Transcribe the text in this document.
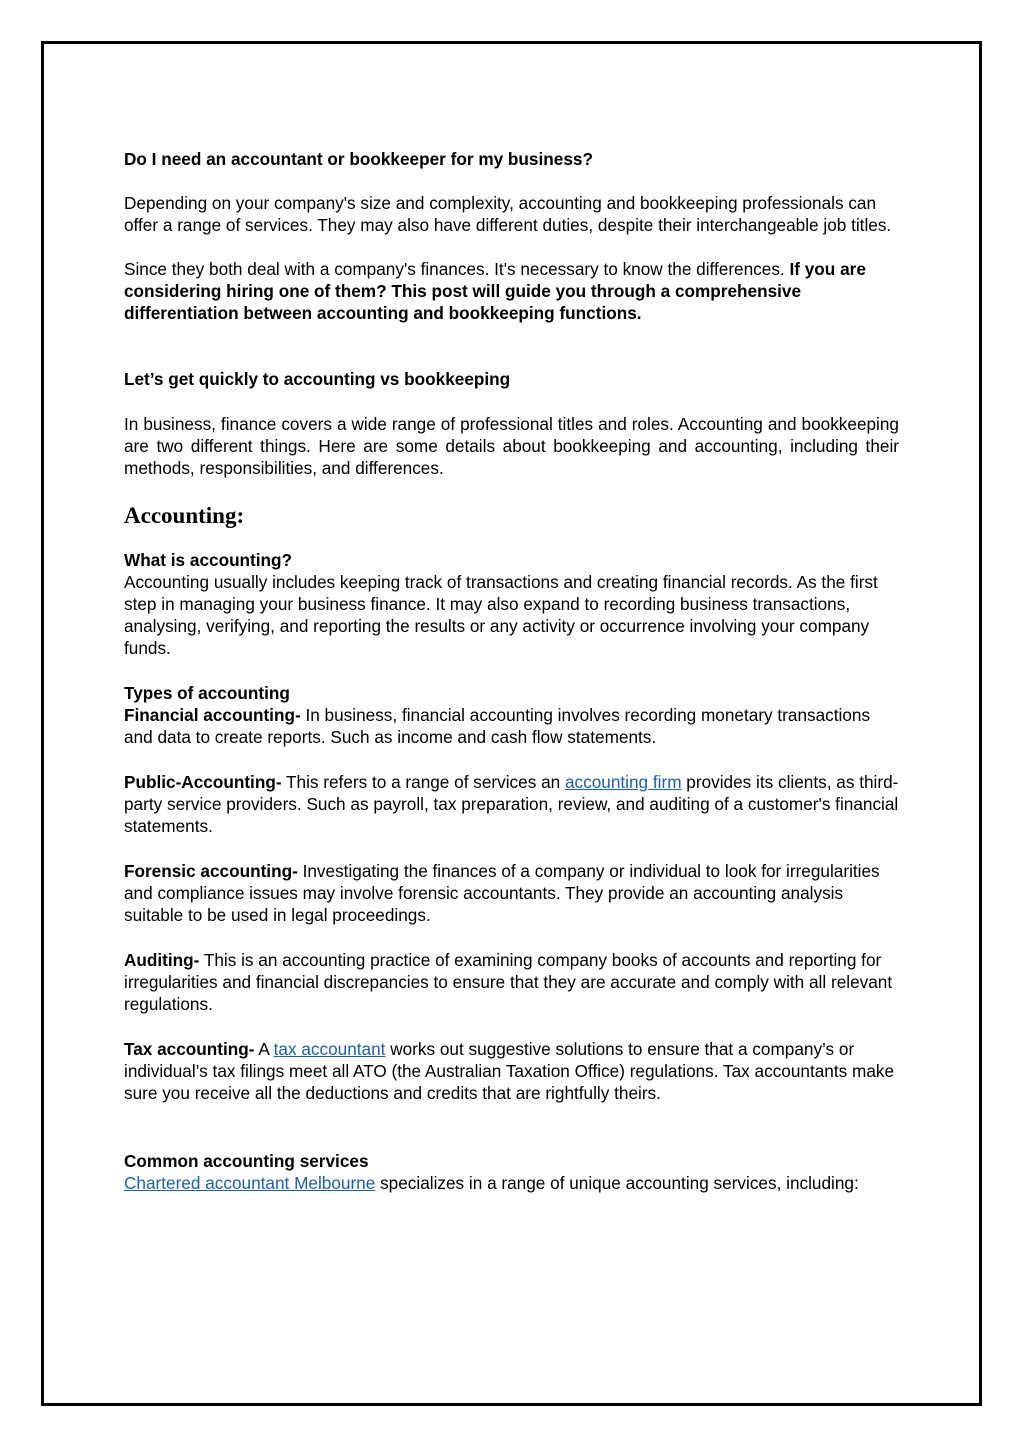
Do I need an accountant or bookkeeper for my business?

Depending on your company's size and complexity, accounting and bookkeeping professionals can offer a range of services. They may also have different duties, despite their interchangeable job titles.

Since they both deal with a company's finances. It's necessary to know the differences. If you are considering hiring one of them? This post will guide you through a comprehensive differentiation between accounting and bookkeeping functions.

Let’s get quickly to accounting vs bookkeeping

In business, finance covers a wide range of professional titles and roles. Accounting and bookkeeping are two different things. Here are some details about bookkeeping and accounting, including their methods, responsibilities, and differences.

Accounting:

What is accounting?

Accounting usually includes keeping track of transactions and creating financial records. As the first step in managing your business finance. It may also expand to recording business transactions, analysing, verifying, and reporting the results or any activity or occurrence involving your company funds.

Types of accounting

Financial accounting- In business, financial accounting involves recording monetary transactions and data to create reports. Such as income and cash flow statements.

Public-Accounting- This refers to a range of services an accounting firm provides its clients, as third-party service providers. Such as payroll, tax preparation, review, and auditing of a customer's financial statements.

Forensic accounting- Investigating the finances of a company or individual to look for irregularities and compliance issues may involve forensic accountants. They provide an accounting analysis suitable to be used in legal proceedings.

Auditing- This is an accounting practice of examining company books of accounts and reporting for irregularities and financial discrepancies to ensure that they are accurate and comply with all relevant regulations.

Tax accounting- A tax accountant works out suggestive solutions to ensure that a company’s or individual’s tax filings meet all ATO (the Australian Taxation Office) regulations. Tax accountants make sure you receive all the deductions and credits that are rightfully theirs.

Common accounting services

Chartered accountant Melbourne specializes in a range of unique accounting services, including:
